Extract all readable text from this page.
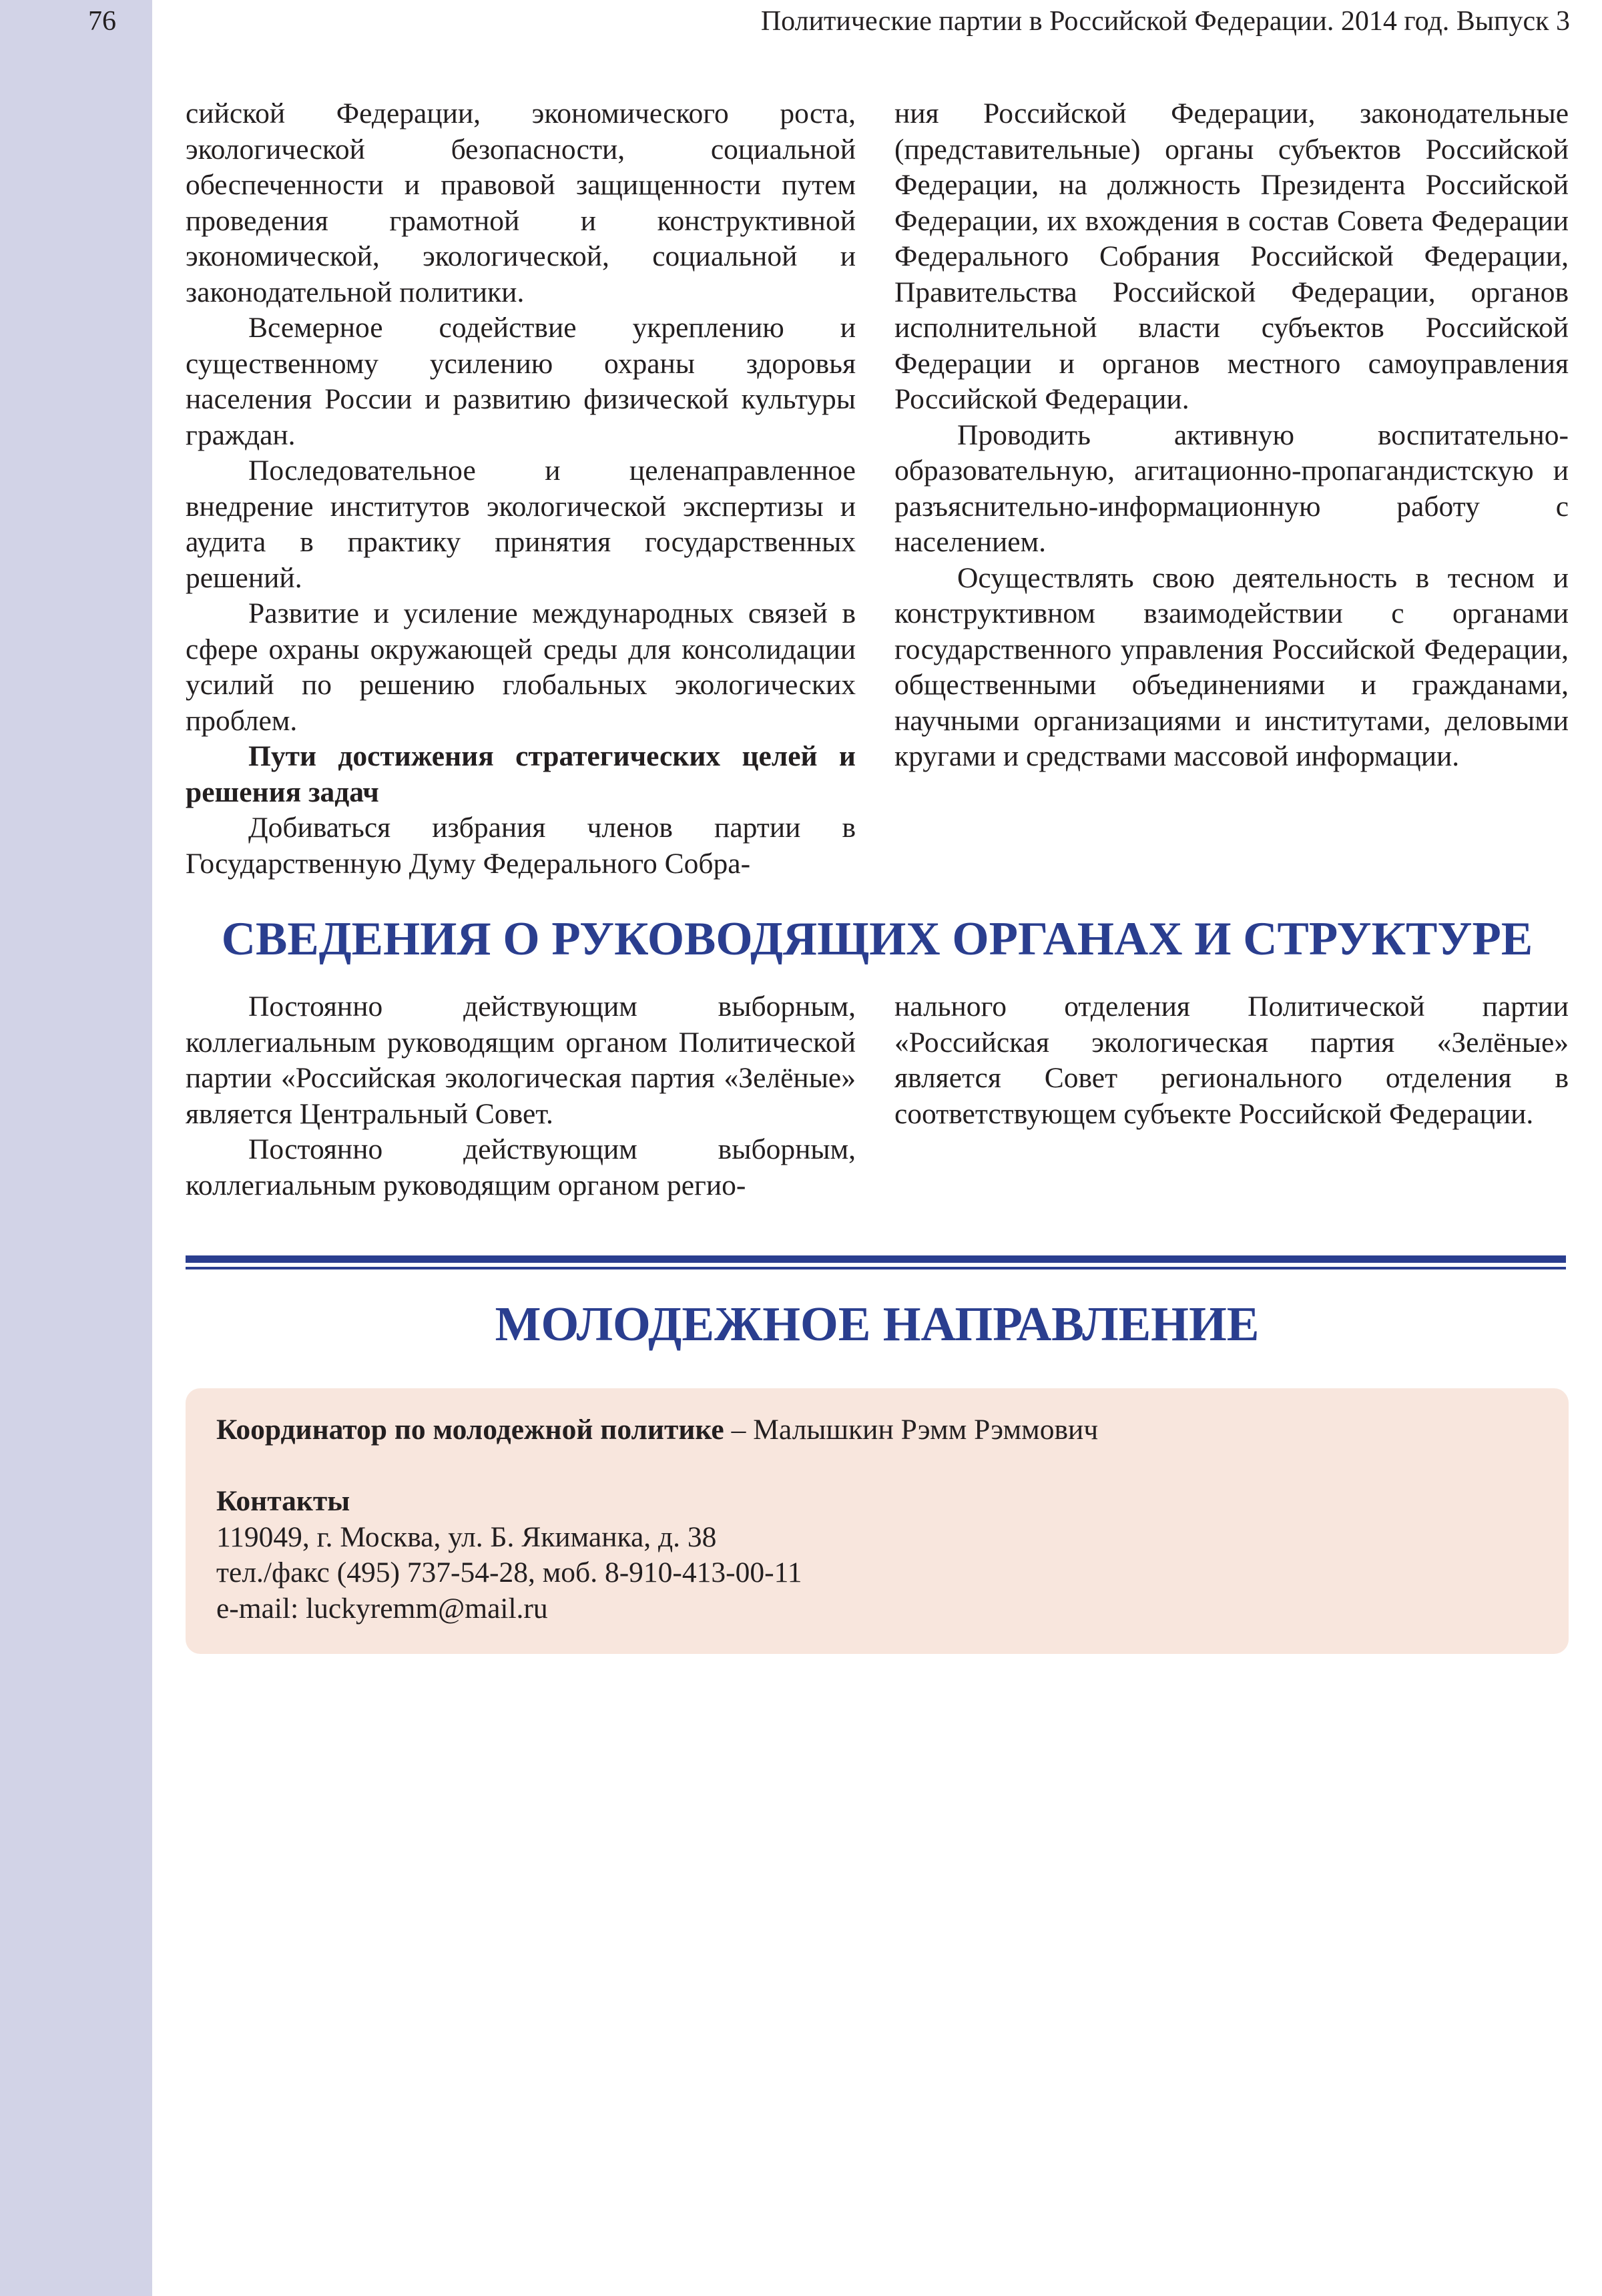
76	Политические партии в Российской Федерации. 2014 год. Выпуск 3

сийской Федерации, экономического роста, экологической безопасности, социальной обеспеченности и правовой защищенности путем проведения грамотной и конструктивной экономической, экологической, социальной и законодательной политики.

Всемерное содействие укреплению и существенному усилению охраны здоровья населения России и развитию физической культуры граждан.

Последовательное и целенаправленное внедрение институтов экологической экспертизы и аудита в практику принятия государственных решений.

Развитие и усиление международных связей в сфере охраны окружающей среды для консолидации усилий по решению глобальных экологических проблем.

Пути достижения стратегических целей и решения задач

Добиваться избрания членов партии в Государственную Думу Федерального Собра-

ния Российской Федерации, законодательные (представительные) органы субъектов Российской Федерации, на должность Президента Российской Федерации, их вхождения в состав Совета Федерации Федерального Собрания Российской Федерации, Правительства Российской Федерации, органов исполнительной власти субъектов Российской Федерации и органов местного самоуправления Российской Федерации.

Проводить активную воспитательно-образовательную, агитационно-пропагандистскую и разъяснительно-информационную работу с населением.

Осуществлять свою деятельность в тесном и конструктивном взаимодействии с органами государственного управления Российской Федерации, общественными объединениями и гражданами, научными организациями и институтами, деловыми кругами и средствами массовой информации.

СВЕДЕНИЯ О РУКОВОДЯЩИХ ОРГАНАХ И СТРУКТУРЕ

Постоянно действующим выборным, коллегиальным руководящим органом Политической партии «Российская экологическая партия «Зелёные» является Центральный Совет.

Постоянно действующим выборным, коллегиальным руководящим органом регио-

нального отделения Политической партии «Российская экологическая партия «Зелёные» является Совет регионального отделения в соответствующем субъекте Российской Федерации.

МОЛОДЕЖНОЕ НАПРАВЛЕНИЕ

Координатор по молодежной политике – Малышкин Рэмм Рэммович

Контакты

119049, г. Москва, ул. Б. Якиманка, д. 38

тел./факс (495) 737-54-28, моб. 8-910-413-00-11

e-mail: luckyremm@mail.ru
